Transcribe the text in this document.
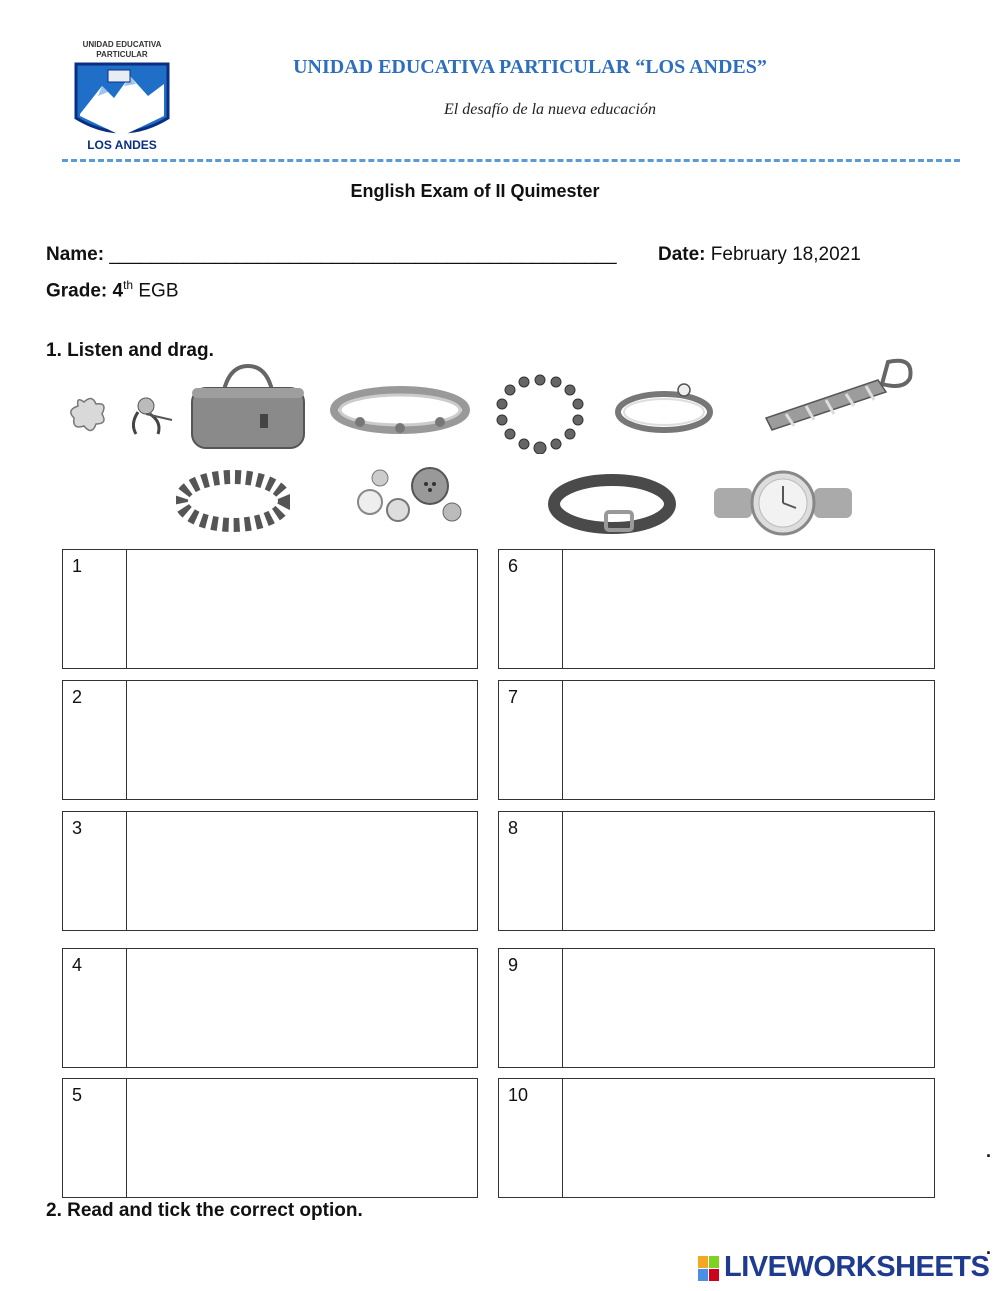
UNIDAD EDUCATIVA PARTICULAR
LOS ANDES
UNIDAD EDUCATIVA PARTICULAR “LOS ANDES”
El desafío de la nueva educación
English Exam of II Quimester
Name: ________________________________________________ Date: February 18,2021
Grade: 4th EGB
1. Listen and drag.
1	6
2	7
3	8
4	9
5	10
.
2. Read and tick the correct option.
.
LIVEWORKSHEETS
